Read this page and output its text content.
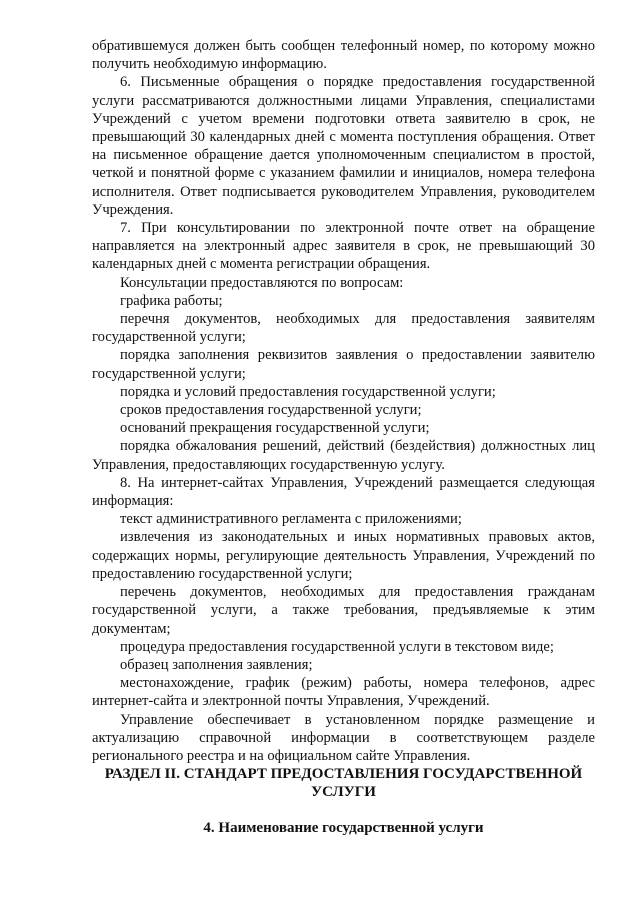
обратившемуся должен быть сообщен телефонный номер, по которому можно получить необходимую информацию.

6. Письменные обращения о порядке предоставления государственной услуги рассматриваются должностными лицами Управления, специалистами Учреждений с учетом времени подготовки ответа заявителю в срок, не превышающий 30 календарных дней с момента поступления обращения. Ответ на письменное обращение дается уполномоченным специалистом в простой, четкой и понятной форме с указанием фамилии и инициалов, номера телефона исполнителя. Ответ подписывается руководителем Управления, руководителем Учреждения.

7. При консультировании по электронной почте ответ на обращение направляется на электронный адрес заявителя в срок, не превышающий 30 календарных дней с момента регистрации обращения.

Консультации предоставляются по вопросам:

графика работы;

перечня документов, необходимых для предоставления заявителям государственной услуги;

порядка заполнения реквизитов заявления о предоставлении заявителю государственной услуги;

порядка и условий предоставления государственной услуги;

сроков предоставления государственной услуги;

оснований прекращения государственной услуги;

порядка обжалования решений, действий (бездействия) должностных лиц Управления, предоставляющих государственную услугу.

8. На интернет-сайтах Управления, Учреждений размещается следующая информация:

текст административного регламента с приложениями;

извлечения из законодательных и иных нормативных правовых актов, содержащих нормы, регулирующие деятельность Управления, Учреждений по предоставлению государственной услуги;

перечень документов, необходимых для предоставления гражданам государственной услуги, а также требования, предъявляемые к этим документам;

процедура предоставления государственной услуги в текстовом виде;

образец заполнения заявления;

местонахождение, график (режим) работы, номера телефонов, адрес интернет-сайта и электронной почты Управления, Учреждений.

Управление обеспечивает в установленном порядке размещение и актуализацию справочной информации в соответствующем разделе регионального реестра и на официальном сайте Управления.

РАЗДЕЛ II. СТАНДАРТ ПРЕДОСТАВЛЕНИЯ ГОСУДАРСТВЕННОЙ УСЛУГИ
4. Наименование государственной услуги
